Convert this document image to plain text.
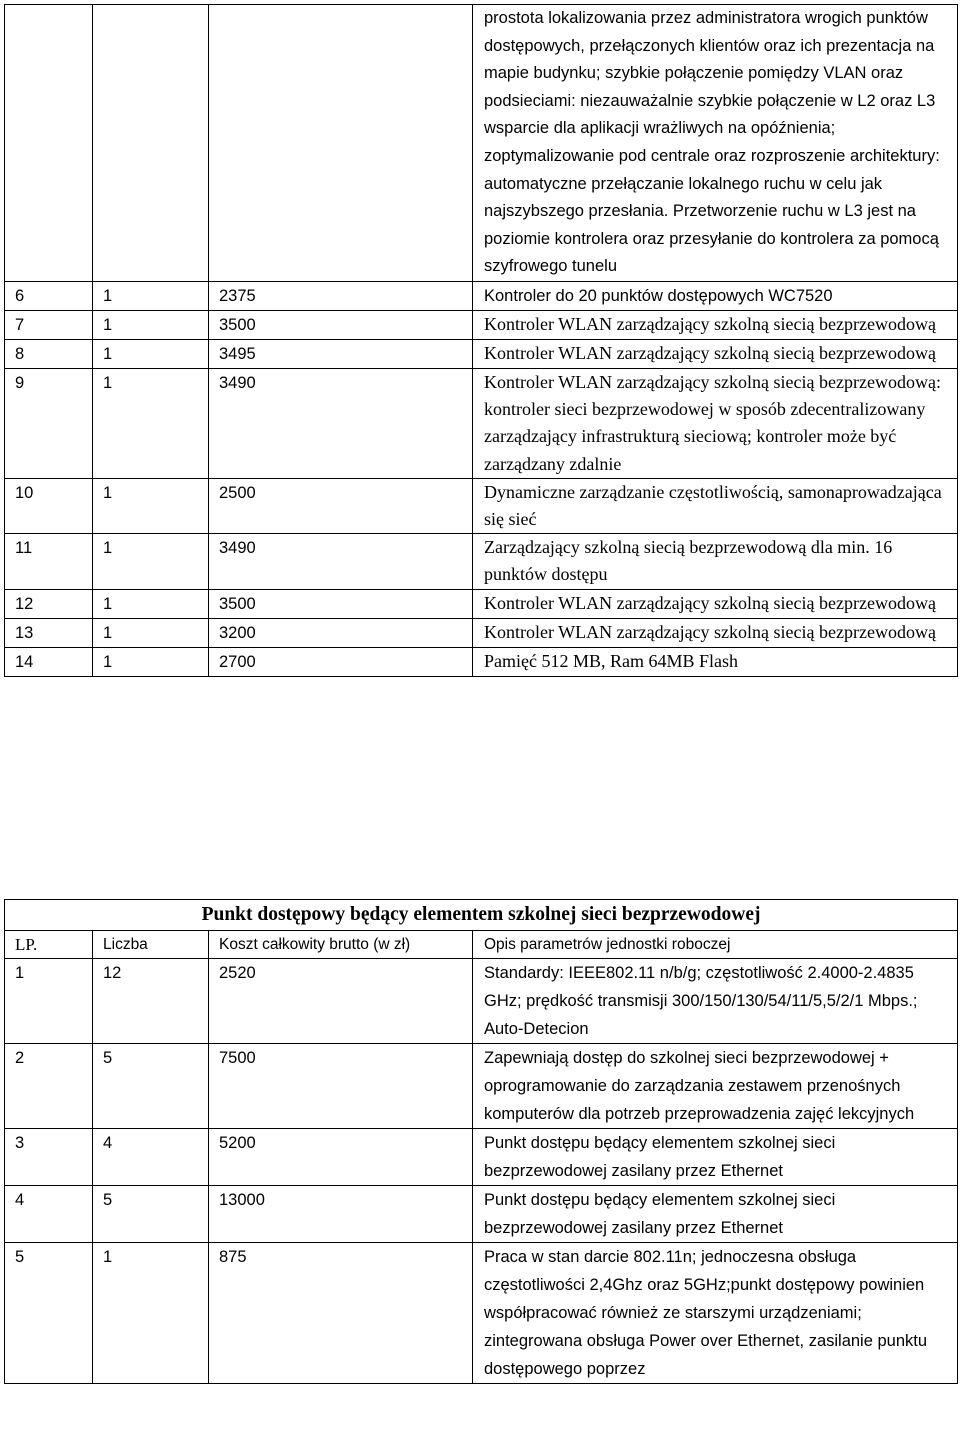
			prostota lokalizowania przez administratora wrogich punktów dostępowych, przełączonych klientów oraz ich prezentacja na mapie budynku; szybkie połączenie pomiędzy VLAN oraz podsieciami: niezauważalnie szybkie połączenie w L2 oraz L3 wsparcie dla aplikacji wrażliwych na opóźnienia; zoptymalizowanie pod centrale oraz rozproszenie architektury: automatyczne przełączanie lokalnego ruchu w celu jak najszybszego przesłania. Przetworzenie ruchu w L3 jest na poziomie kontrolera oraz przesyłanie do kontrolera za pomocą szyfrowego tunelu
6	1	2375	Kontroler do 20 punktów dostępowych WC7520
7	1	3500	Kontroler WLAN zarządzający szkolną siecią bezprzewodową
8	1	3495	Kontroler WLAN zarządzający szkolną siecią bezprzewodową
9	1	3490	Kontroler WLAN zarządzający szkolną siecią bezprzewodową: kontroler sieci bezprzewodowej w sposób zdecentralizowany zarządzający infrastrukturą sieciową; kontroler może być zarządzany zdalnie
10	1	2500	Dynamiczne zarządzanie częstotliwością, samonaprowadzająca się sieć
11	1	3490	Zarządzający szkolną siecią bezprzewodową dla min. 16 punktów dostępu
12	1	3500	Kontroler WLAN zarządzający szkolną siecią bezprzewodową
13	1	3200	Kontroler WLAN zarządzający szkolną siecią bezprzewodową
14	1	2700	Pamięć 512 MB, Ram 64MB Flash
Punkt dostępowy będący elementem szkolnej sieci bezprzewodowej			
LP.	Liczba	Koszt całkowity brutto (w zł)	Opis parametrów jednostki roboczej
1	12	2520	Standardy: IEEE802.11 n/b/g; częstotliwość 2.4000-2.4835 GHz; prędkość transmisji 300/150/130/54/11/5,5/2/1 Mbps.; Auto-Detecion
2	5	7500	Zapewniają dostęp do szkolnej sieci bezprzewodowej + oprogramowanie do zarządzania zestawem przenośnych komputerów dla potrzeb przeprowadzenia zajęć lekcyjnych
3	4	5200	Punkt dostępu będący elementem szkolnej sieci bezprzewodowej zasilany przez Ethernet
4	5	13000	Punkt dostępu będący elementem szkolnej sieci bezprzewodowej zasilany przez Ethernet
5	1	875	Praca w stan darcie 802.11n; jednoczesna obsługa częstotliwości 2,4Ghz oraz 5GHz;punkt dostępowy powinien współpracować również ze starszymi urządzeniami; zintegrowana obsługa Power over Ethernet, zasilanie punktu dostępowego poprzez
